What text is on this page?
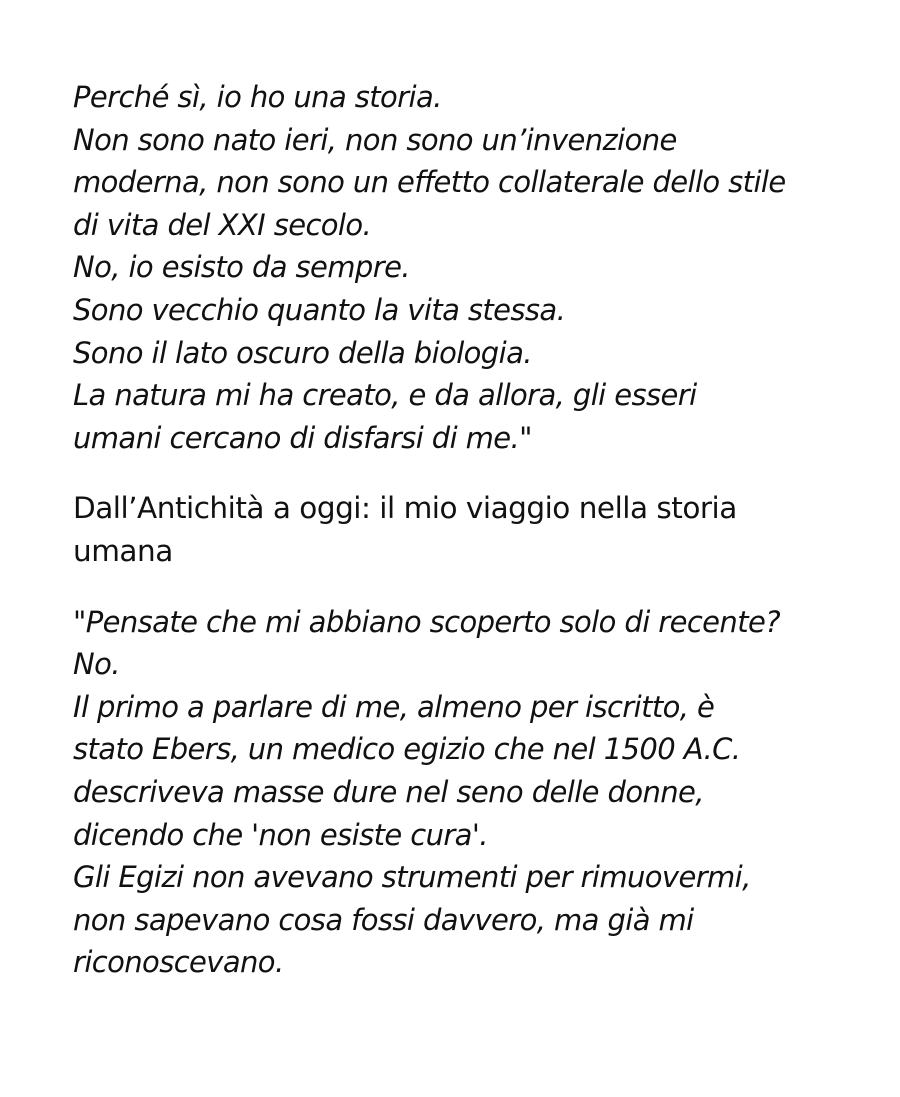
Perché sì, io ho una storia.
Non sono nato ieri, non sono un’invenzione
moderna, non sono un effetto collaterale dello stile
di vita del XXI secolo.
No, io esisto da sempre.
Sono vecchio quanto la vita stessa.
Sono il lato oscuro della biologia.
La natura mi ha creato, e da allora, gli esseri
umani cercano di disfarsi di me."
Dall’Antichità a oggi: il mio viaggio nella storia
umana
"Pensate che mi abbiano scoperto solo di recente?
No.
Il primo a parlare di me, almeno per iscritto, è
stato Ebers, un medico egizio che nel 1500 A.C.
descriveva masse dure nel seno delle donne,
dicendo che 'non esiste cura'.
Gli Egizi non avevano strumenti per rimuovermi,
non sapevano cosa fossi davvero, ma già mi
riconoscevano.
